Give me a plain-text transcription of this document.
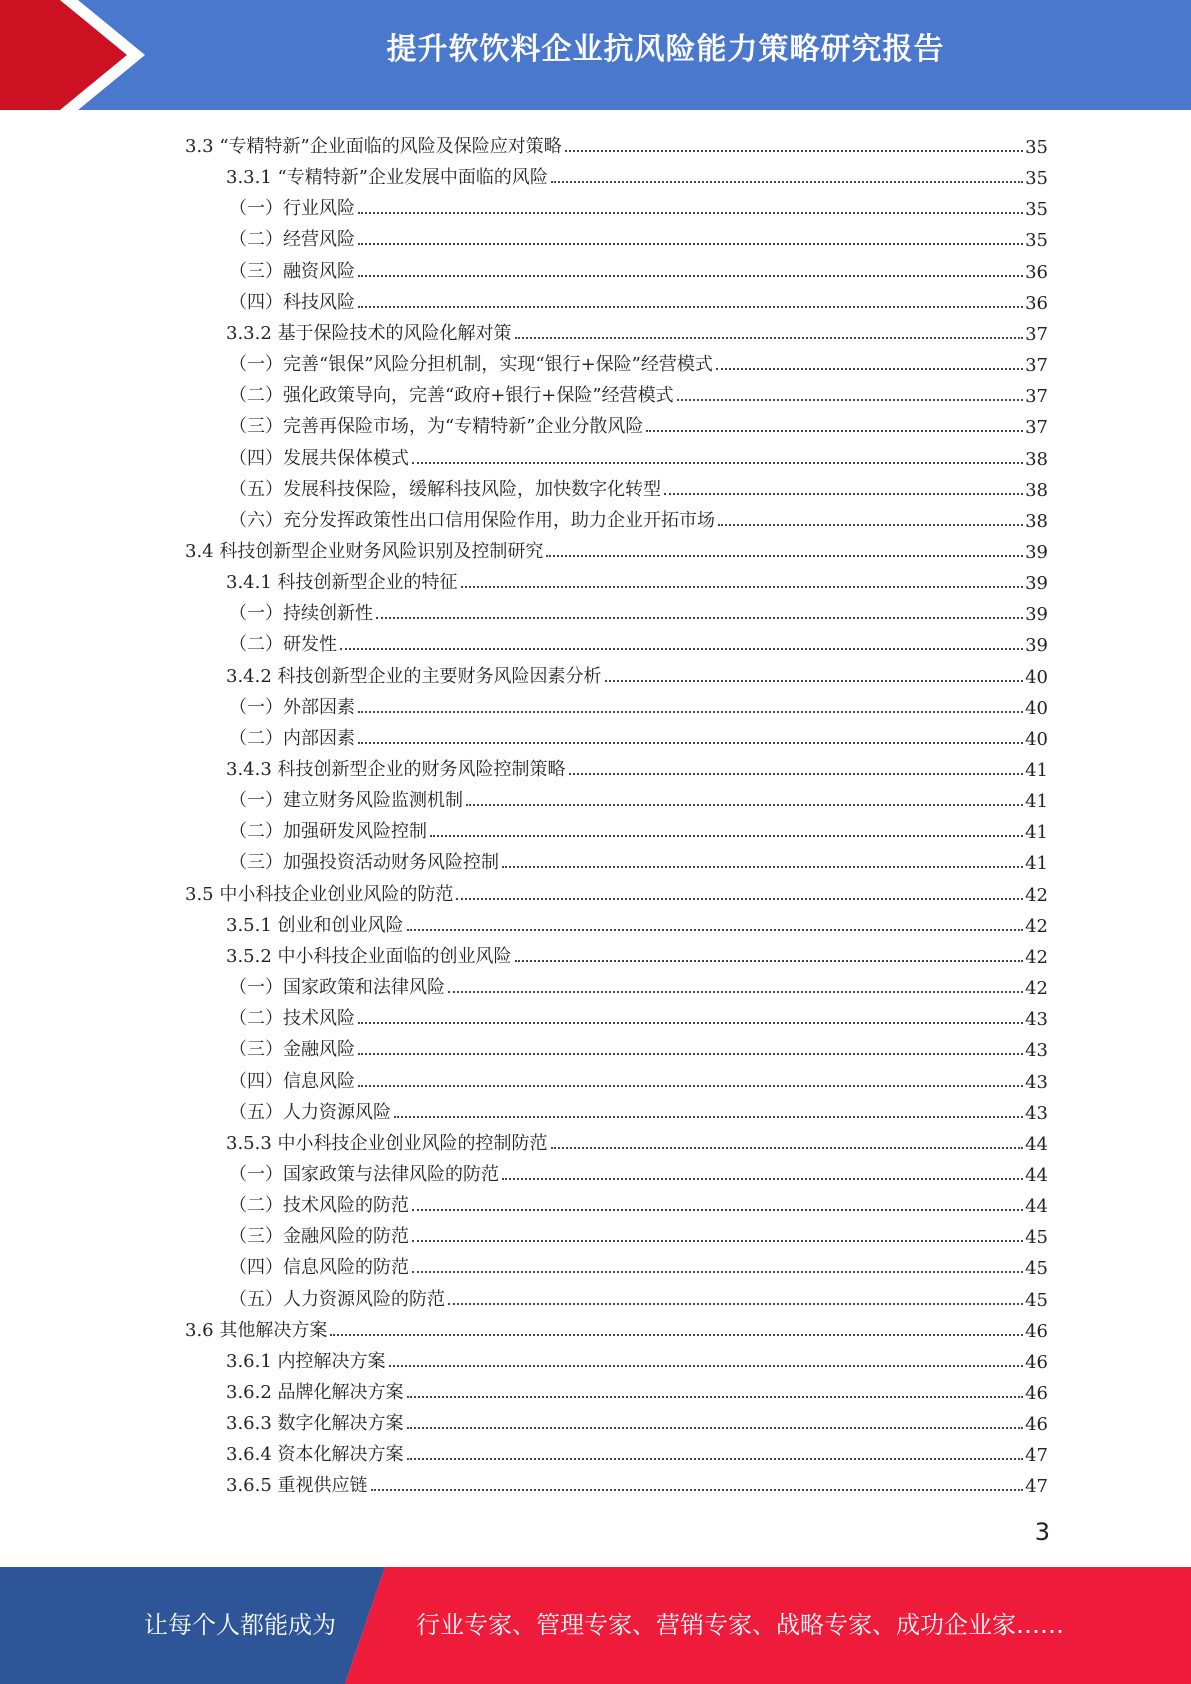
提升软饮料企业抗风险能力策略研究报告
3.3 “专精特新”企业面临的风险及保险应对策略	35
3.3.1 “专精特新”企业发展中面临的风险	35
（一）行业风险	35
（二）经营风险	35
（三）融资风险	36
（四）科技风险	36
3.3.2 基于保险技术的风险化解对策	37
（一）完善“银保”风险分担机制，实现“银行+保险”经营模式	37
（二）强化政策导向，完善“政府+银行+保险”经营模式	37
（三）完善再保险市场，为“专精特新”企业分散风险	37
（四）发展共保体模式	38
（五）发展科技保险，缓解科技风险，加快数字化转型	38
（六）充分发挥政策性出口信用保险作用，助力企业开拓市场	38
3.4 科技创新型企业财务风险识别及控制研究	39
3.4.1 科技创新型企业的特征	39
（一）持续创新性	39
（二）研发性	39
3.4.2 科技创新型企业的主要财务风险因素分析	40
（一）外部因素	40
（二）内部因素	40
3.4.3 科技创新型企业的财务风险控制策略	41
（一）建立财务风险监测机制	41
（二）加强研发风险控制	41
（三）加强投资活动财务风险控制	41
3.5 中小科技企业创业风险的防范	42
3.5.1 创业和创业风险	42
3.5.2 中小科技企业面临的创业风险	42
（一）国家政策和法律风险	42
（二）技术风险	43
（三）金融风险	43
（四）信息风险	43
（五）人力资源风险	43
3.5.3 中小科技企业创业风险的控制防范	44
（一）国家政策与法律风险的防范	44
（二）技术风险的防范	44
（三）金融风险的防范	45
（四）信息风险的防范	45
（五）人力资源风险的防范	45
3.6 其他解决方案	46
3.6.1 内控解决方案	46
3.6.2 品牌化解决方案	46
3.6.3 数字化解决方案	46
3.6.4 资本化解决方案	47
3.6.5 重视供应链	47
3
让每个人都能成为	行业专家、管理专家、营销专家、战略专家、成功企业家……
